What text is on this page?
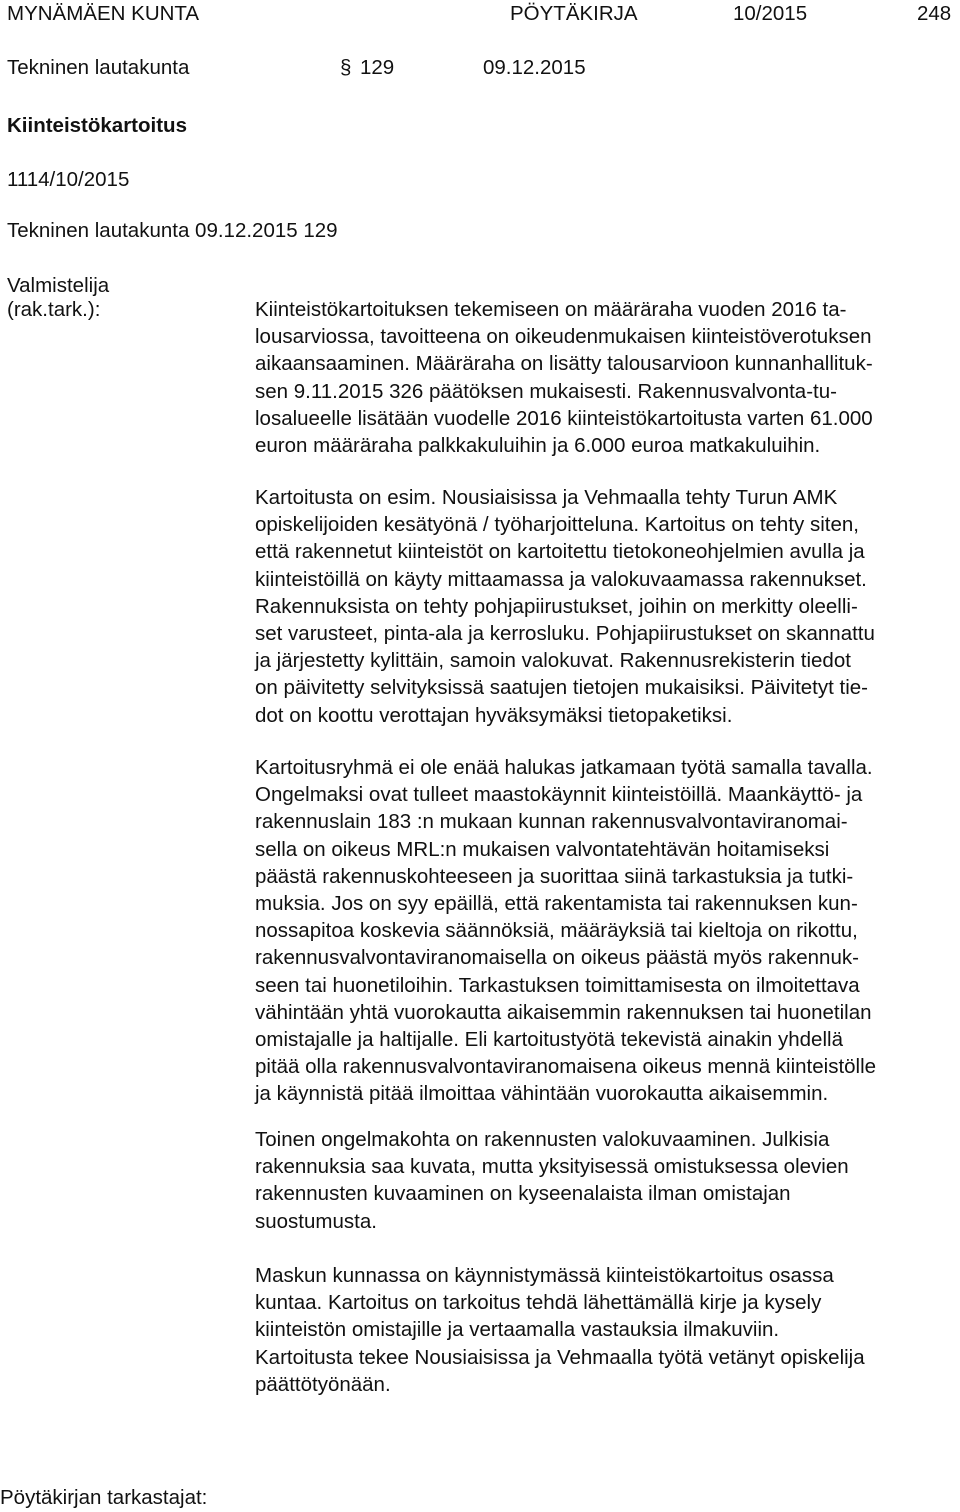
MYNÄMÄEN KUNTA	PÖYTÄKIRJA	10/2015	248
Tekninen lautakunta	§ 129	09.12.2015
Kiinteistökartoitus
1114/10/2015
Tekninen lautakunta 09.12.2015 129
Valmistelija
(rak.tark.):	Kiinteistökartoituksen tekemiseen on määräraha vuoden 2016 ta-
lousarviossa, tavoitteena on oikeudenmukaisen kiinteistöverotuksen
aikaansaaminen. Määräraha on lisätty talousarvioon kunnanhallituk-
sen 9.11.2015 326 päätöksen mukaisesti. Rakennusvalvonta-tu-
losalueelle lisätään vuodelle 2016 kiinteistökartoitusta varten 61.000
euron määräraha palkkakuluihin ja 6.000 euroa matkakuluihin.

Kartoitusta on esim. Nousiaisissa ja Vehmaalla tehty Turun AMK
opiskelijoiden kesätyönä / työharjoitteluna. Kartoitus on tehty siten,
että rakennetut kiinteistöt on kartoitettu tietokoneohjelmien avulla ja
kiinteistöillä on käyty mittaamassa ja valokuvaamassa rakennukset.
Rakennuksista on tehty pohjapiirustukset, joihin on merkitty oleelli-
set varusteet, pinta-ala ja kerrosluku. Pohjapiirustukset on skannattu
ja järjestetty kylittäin, samoin valokuvat. Rakennusrekisterin tiedot
on päivitetty selvityksissä saatujen tietojen mukaisiksi. Päivitetyt tie-
dot on koottu verottajan hyväksymäksi tietopaketiksi.

Kartoitusryhmä ei ole enää halukas jatkamaan työtä samalla tavalla.
Ongelmaksi ovat tulleet maastokäynnit kiinteistöillä. Maankäyttö- ja
rakennuslain 183 :n mukaan kunnan rakennusvalvontaviranomai-
sella on oikeus MRL:n mukaisen valvontatehtävän hoitamiseksi
päästä rakennuskohteeseen ja suorittaa siinä tarkastuksia ja tutki-
muksia. Jos on syy epäillä, että rakentamista tai rakennuksen kun-
nossapitoa koskevia säännöksiä, määräyksiä tai kieltoja on rikottu,
rakennusvalvontaviranomaisella on oikeus päästä myös rakennuk-
seen tai huonetiloihin. Tarkastuksen toimittamisesta on ilmoitettava
vähintään yhtä vuorokautta aikaisemmin rakennuksen tai huonetilan
omistajalle ja haltijalle. Eli kartoitustyötä tekevistä ainakin yhdellä
pitää olla rakennusvalvontaviranomaisena oikeus mennä kiinteistölle
ja käynnistä pitää ilmoittaa vähintään vuorokautta aikaisemmin.

Toinen ongelmakohta on rakennusten valokuvaaminen. Julkisia
rakennuksia saa kuvata, mutta yksityisessä omistuksessa olevien
rakennusten kuvaaminen on kyseenalaista ilman omistajan
suostumusta.

Maskun kunnassa on käynnistymässä kiinteistökartoitus osassa
kuntaa. Kartoitus on tarkoitus tehdä lähettämällä kirje ja kysely
kiinteistön omistajille ja vertaamalla vastauksia ilmakuviin.
Kartoitusta tekee Nousiaisissa ja Vehmaalla työtä vetänyt opiskelija
päättötyönään.

Pöytäkirjan tarkastajat:
